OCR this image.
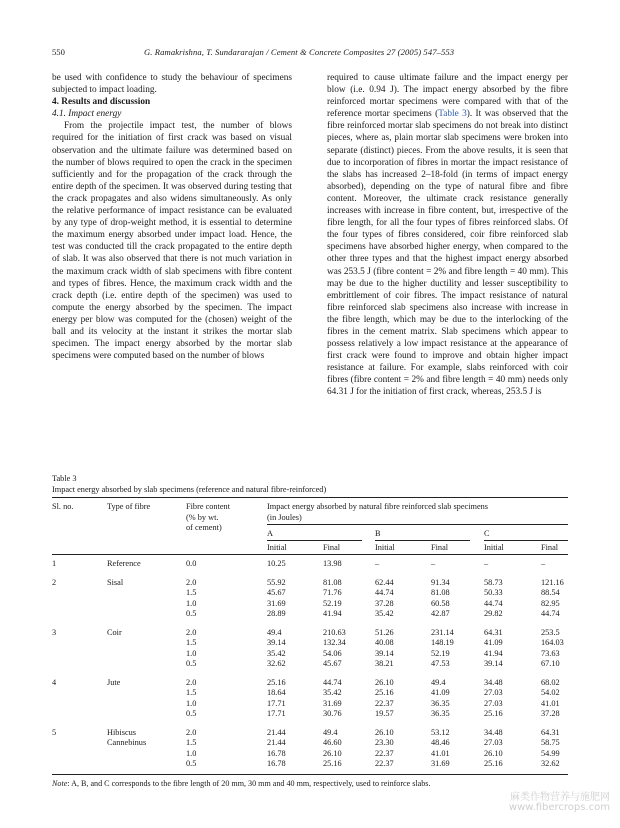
550	G. Ramakrishna, T. Sundararajan / Cement & Concrete Composites 27 (2005) 547–553

be used with confidence to study the behaviour of specimens subjected to impact loading.

4. Results and discussion

4.1. Impact energy

From the projectile impact test, the number of blows required for the initiation of first crack was based on visual observation and the ultimate failure was determined based on the number of blows required to open the crack in the specimen sufficiently and for the propagation of the crack through the entire depth of the specimen. It was observed during testing that the crack propagates and also widens simultaneously. As only the relative performance of impact resistance can be evaluated by any type of drop-weight method, it is essential to determine the maximum energy absorbed under impact load. Hence, the test was conducted till the crack propagated to the entire depth of slab. It was also observed that there is not much variation in the maximum crack width of slab specimens with fibre content and types of fibres. Hence, the maximum crack width and the crack depth (i.e. entire depth of the specimen) was used to compute the energy absorbed by the specimen. The impact energy per blow was computed for the (chosen) weight of the ball and its velocity at the instant it strikes the mortar slab specimen. The impact energy absorbed by the mortar slab specimens were computed based on the number of blows

required to cause ultimate failure and the impact energy per blow (i.e. 0.94 J). The impact energy absorbed by the fibre reinforced mortar specimens were compared with that of the reference mortar specimens (Table 3). It was observed that the fibre reinforced mortar slab specimens do not break into distinct pieces, where as, plain mortar slab specimens were broken into separate (distinct) pieces. From the above results, it is seen that due to incorporation of fibres in mortar the impact resistance of the slabs has increased 2–18-fold (in terms of impact energy absorbed), depending on the type of natural fibre and fibre content. Moreover, the ultimate crack resistance generally increases with increase in fibre content, but, irrespective of the fibre length, for all the four types of fibres reinforced slabs. Of the four types of fibres considered, coir fibre reinforced slab specimens have absorbed higher energy, when compared to the other three types and that the highest impact energy absorbed was 253.5 J (fibre content = 2% and fibre length = 40 mm). This may be due to the higher ductility and lesser susceptibility to embrittlement of coir fibres. The impact resistance of natural fibre reinforced slab specimens also increase with increase in the fibre length, which may be due to the interlocking of the fibres in the cement matrix. Slab specimens which appear to possess relatively a low impact resistance at the appearance of first crack were found to improve and obtain higher impact resistance at failure. For example, slabs reinforced with coir fibres (fibre content = 2% and fibre length = 40 mm) needs only 64.31 J for the initiation of first crack, whereas, 253.5 J is

Table 3
Impact energy absorbed by slab specimens (reference and natural fibre-reinforced)
Sl. no.	Type of fibre	Fibre content
(% by wt.
of cement)
Impact energy absorbed by natural fibre reinforced slab specimens
(in Joules)
A	B	C
Initial	Final	Initial	Final	Initial	Final
1	Reference	0.0	10.25	13.98	–	–	–	–
2	Sisal	2.0	55.92	81.08	62.44	91.34	58.73	121.16
1.5	45.67	71.76	44.74	81.08	50.33	88.54
1.0	31.69	52.19	37.28	60.58	44.74	82.95
0.5	28.89	41.94	35.42	42.87	29.82	44.74
3	Coir	2.0	49.4	210.63	51.26	231.14	64.31	253.5
1.5	39.14	132.34	40.08	148.19	41.09	164.03
1.0	35.42	54.06	39.14	52.19	41.94	73.63
0.5	32.62	45.67	38.21	47.53	39.14	67.10
4	Jute	2.0	25.16	44.74	26.10	49.4	34.48	68.02
1.5	18.64	35.42	25.16	41.09	27.03	54.02
1.0	17.71	31.69	22.37	36.35	27.03	41.01
0.5	17.71	30.76	19.57	36.35	25.16	37.28
5	Hibiscus
Cannebinus
2.0	21.44	49.4	26.10	53.12	34.48	64.31
1.5	21.44	46.60	23.30	48.46	27.03	58.75
1.0	16.78	26.10	22.37	41.01	26.10	54.99
0.5	16.78	25.16	22.37	31.69	25.16	32.62
Note: A, B, and C corresponds to the fibre length of 20 mm, 30 mm and 40 mm, respectively, used to reinforce slabs.
麻类作物营养与施肥网
www.fibercrops.com
